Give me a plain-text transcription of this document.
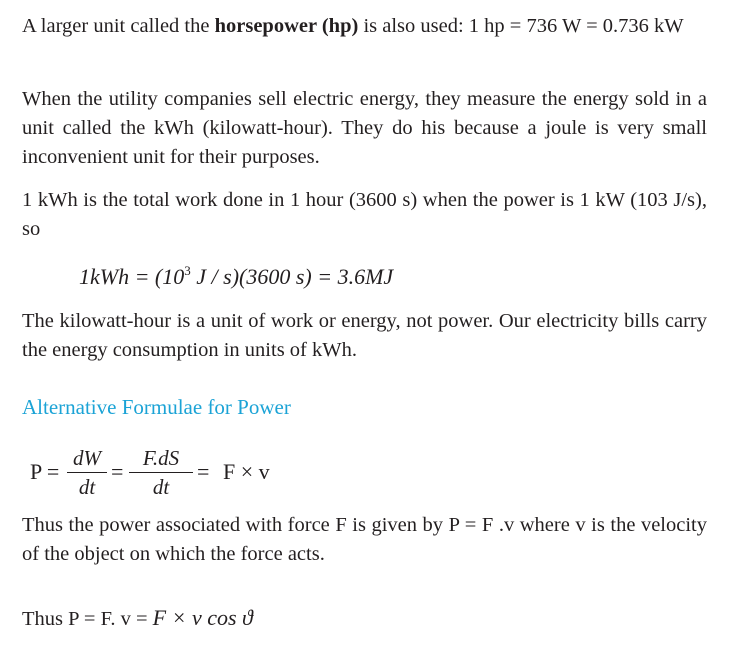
A larger unit called the horsepower (hp) is also used: 1 hp = 736 W = 0.736 kW
When the utility companies sell electric energy, they measure the energy sold in a unit called the kWh (kilowatt-hour). They do his because a joule is very small inconvenient unit for their purposes.
1 kWh is the total work done in 1 hour (3600 s) when the power is 1 kW (103 J/s), so
$1kWh = (10^3$ J / s)(3600 s) = 3.6MJ
The kilowatt-hour is a unit of work or energy, not power. Our electricity bills carry the energy consumption in units of kWh.
Alternative Formulae for Power
P =
dW
dt
=
F.dS
dt
= F × v
Thus the power associated with force F is given by P = F .v where v is the velocity of the object on which the force acts.
Thus P = F. v = F × v cos ϑ
